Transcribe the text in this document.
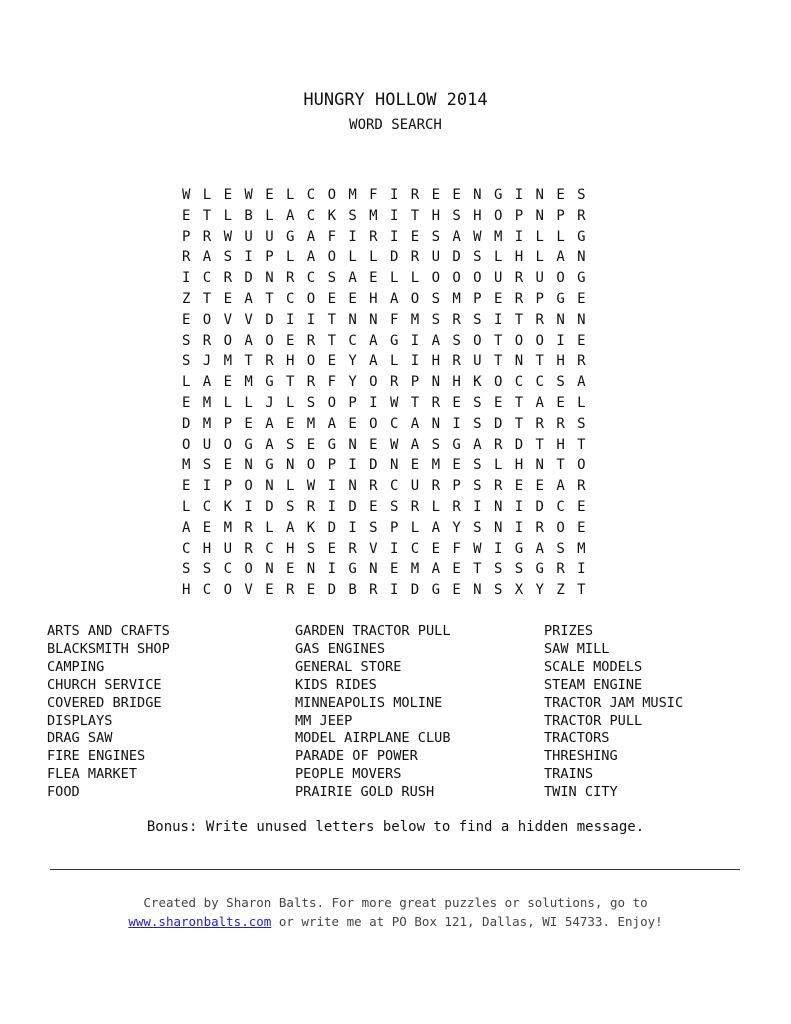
HUNGRY HOLLOW 2014
WORD SEARCH
W L E W E L C O M F I R E E N G I N E S
E T L B L A C K S M I T H S H O P N P R
P R W U U G A F I R I E S A W M I L L G
R A S I P L A O L L D R U D S L H L A N
I C R D N R C S A E L L O O O U R U O G
Z T E A T C O E E H A O S M P E R P G E
E O V V D I I T N N F M S R S I T R N N
S R O A O E R T C A G I A S O T O O I E
S J M T R H O E Y A L I H R U T N T H R
L A E M G T R F Y O R P N H K O C C S A
E M L L J L S O P I W T R E S E T A E L
D M P E A E M A E O C A N I S D T R R S
O U O G A S E G N E W A S G A R D T H T
M S E N G N O P I D N E M E S L H N T O
E I P O N L W I N R C U R P S R E E A R
L C K I D S R I D E S R L R I N I D C E
A E M R L A K D I S P L A Y S N I R O E
C H U R C H S E R V I C E F W I G A S M
S S C O N E N I G N E M A E T S S G R I
H C O V E R E D B R I D G E N S X Y Z T
ARTS AND CRAFTS
BLACKSMITH SHOP
CAMPING
CHURCH SERVICE
COVERED BRIDGE
DISPLAYS
DRAG SAW
FIRE ENGINES
FLEA MARKET
FOOD
GARDEN TRACTOR PULL
GAS ENGINES
GENERAL STORE
KIDS RIDES
MINNEAPOLIS MOLINE
MM JEEP
MODEL AIRPLANE CLUB
PARADE OF POWER
PEOPLE MOVERS
PRAIRIE GOLD RUSH
PRIZES
SAW MILL
SCALE MODELS
STEAM ENGINE
TRACTOR JAM MUSIC
TRACTOR PULL
TRACTORS
THRESHING
TRAINS
TWIN CITY
Bonus: Write unused letters below to find a hidden message.
Created by Sharon Balts. For more great puzzles or solutions, go to
www.sharonbalts.com or write me at PO Box 121, Dallas, WI 54733. Enjoy!
